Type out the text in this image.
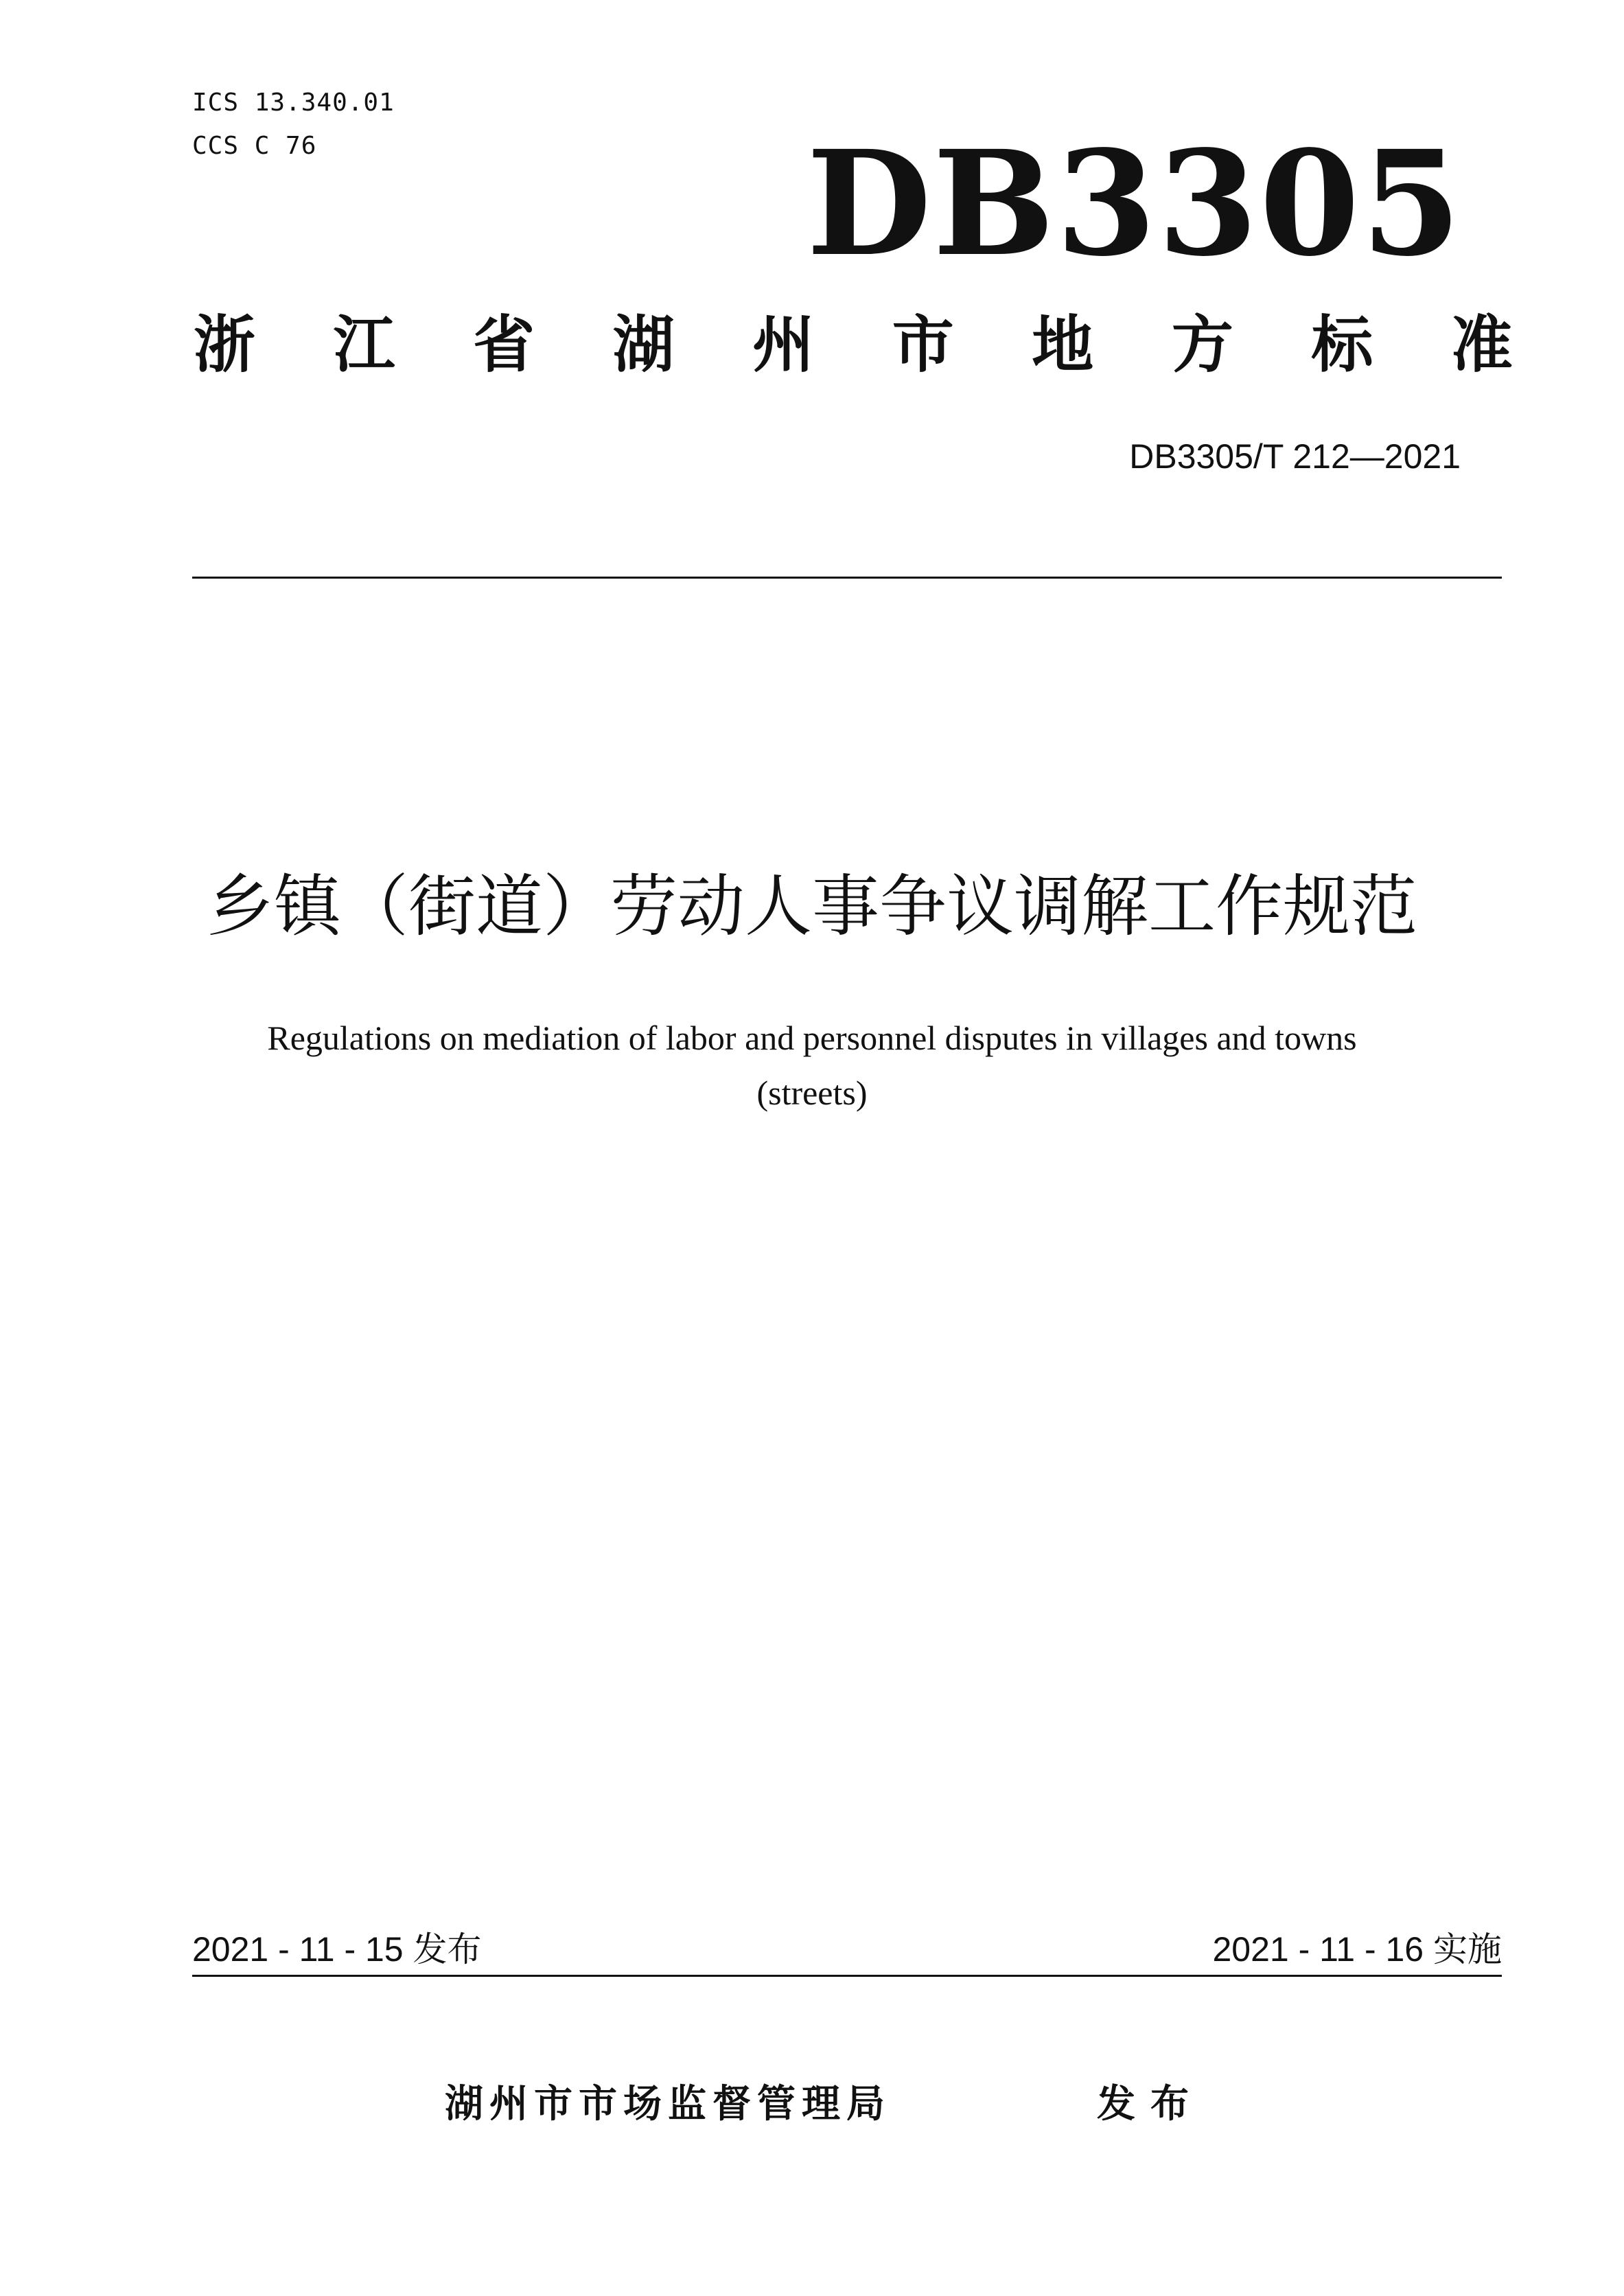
ICS 13.340.01
CCS C 76	DB3305
浙 江 省 湖 州 市 地 方 标 准
DB3305/T 212—2021
乡镇（街道）劳动人事争议调解工作规范
Regulations on mediation of labor and personnel disputes in villages and towns
(streets)
2021 - 11 - 15 发布	2021 - 11 - 16 实施
湖州市市场监督管理局	发布
